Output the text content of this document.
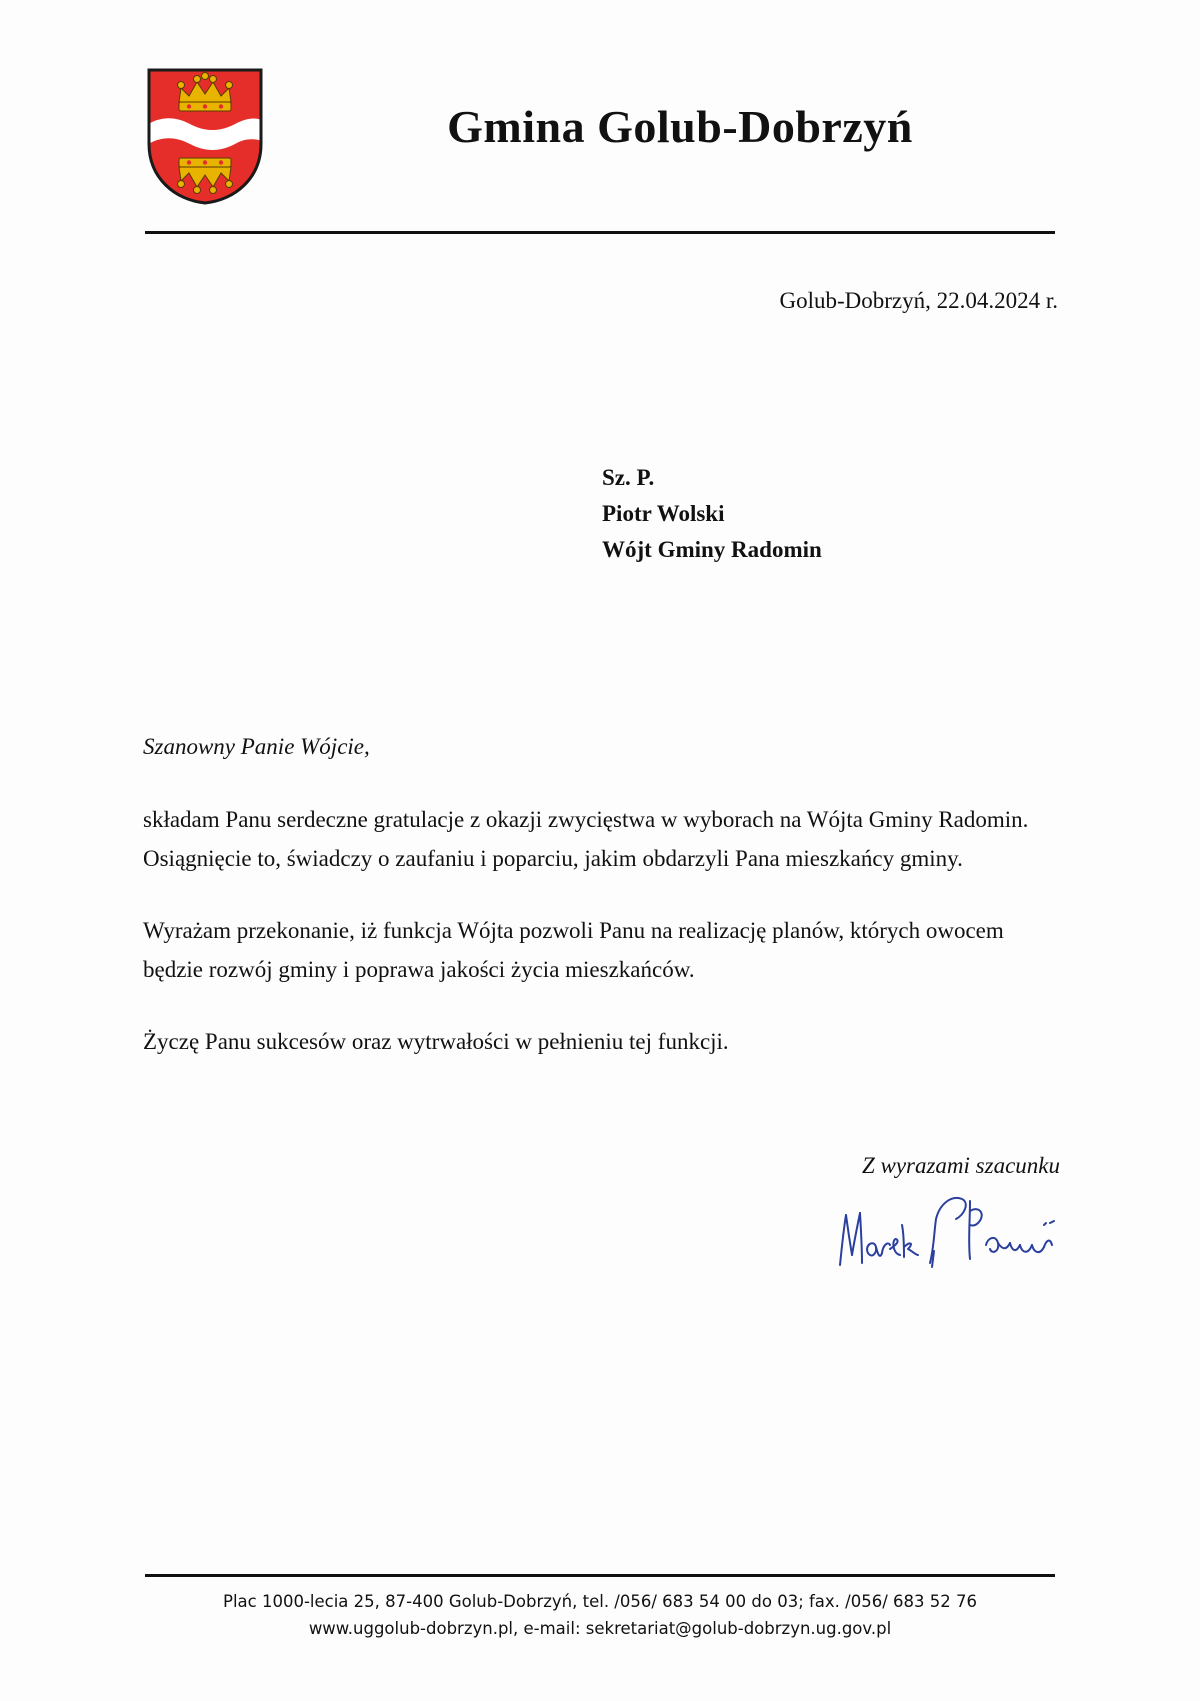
Gmina Golub-Dobrzyń
Golub-Dobrzyń, 22.04.2024 r.
Sz. P.
Piotr Wolski
Wójt Gminy Radomin
Szanowny Panie Wójcie,

składam Panu serdeczne gratulacje z okazji zwycięstwa w wyborach na Wójta Gminy Radomin. Osiągnięcie to, świadczy o zaufaniu i poparciu, jakim obdarzyli Pana mieszkańcy gminy.

Wyrażam przekonanie, iż funkcja Wójta pozwoli Panu na realizację planów, których owocem będzie rozwój gminy i poprawa jakości życia mieszkańców.

Życzę Panu sukcesów oraz wytrwałości w pełnieniu tej funkcji.

Z wyrazami szacunku
Plac 1000-lecia 25, 87-400 Golub-Dobrzyń, tel. /056/ 683 54 00 do 03; fax. /056/ 683 52 76
www.uggolub-dobrzyn.pl, e-mail: sekretariat@golub-dobrzyn.ug.gov.pl
